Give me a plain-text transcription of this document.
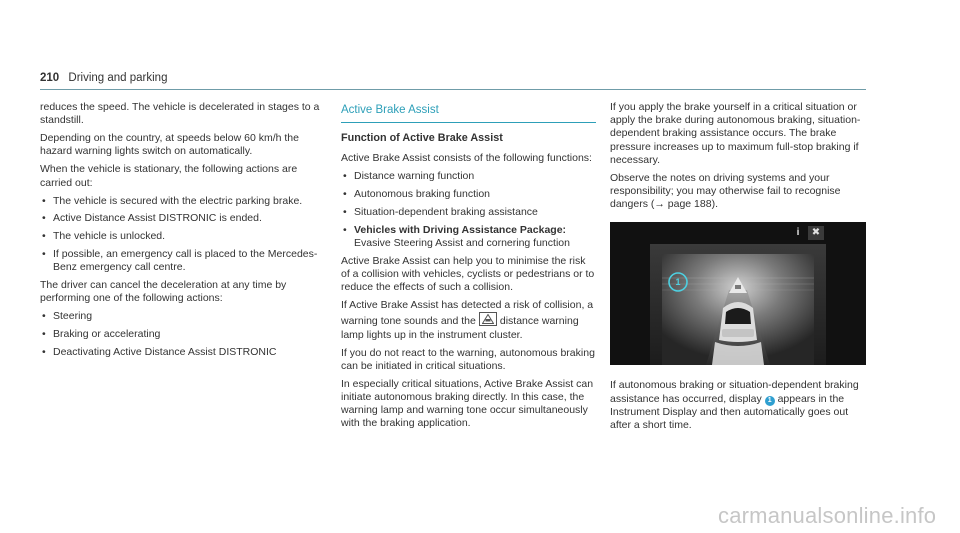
210 Driving and parking

reduces the speed. The vehicle is decelerated in stages to a standstill.

Depending on the country, at speeds below 60 km/h the hazard warning lights switch on automatically.

When the vehicle is stationary, the following actions are carried out:

• The vehicle is secured with the electric parking brake.
• Active Distance Assist DISTRONIC is ended.
• The vehicle is unlocked.
• If possible, an emergency call is placed to the Mercedes-Benz emergency call centre.

The driver can cancel the deceleration at any time by performing one of the following actions:

• Steering
• Braking or accelerating
• Deactivating Active Distance Assist DISTRONIC
Active Brake Assist
Function of Active Brake Assist

Active Brake Assist consists of the following functions:

• Distance warning function
• Autonomous braking function
• Situation-dependent braking assistance
• Vehicles with Driving Assistance Package: Evasive Steering Assist and cornering function

Active Brake Assist can help you to minimise the risk of a collision with vehicles, cyclists or pedestrians or to reduce the effects of such a collision.

If Active Brake Assist has detected a risk of collision, a warning tone sounds and the distance warning lamp lights up in the instrument cluster.

If you do not react to the warning, autonomous braking can be initiated in critical situations.

In especially critical situations, Active Brake Assist can initiate autonomous braking directly. In this case, the warning lamp and warning tone occur simultaneously with the braking application.

If you apply the brake yourself in a critical situation or apply the brake during autonomous braking, situation-dependent braking assistance occurs. The brake pressure increases up to maximum full-stop braking if necessary.

Observe the notes on driving systems and your responsibility; you may otherwise fail to recognise dangers (→ page 188).

1
i	✖

If autonomous braking or situation-dependent braking assistance has occurred, display 1 appears in the Instrument Display and then automatically goes out after a short time.

carmanualsonline.info
